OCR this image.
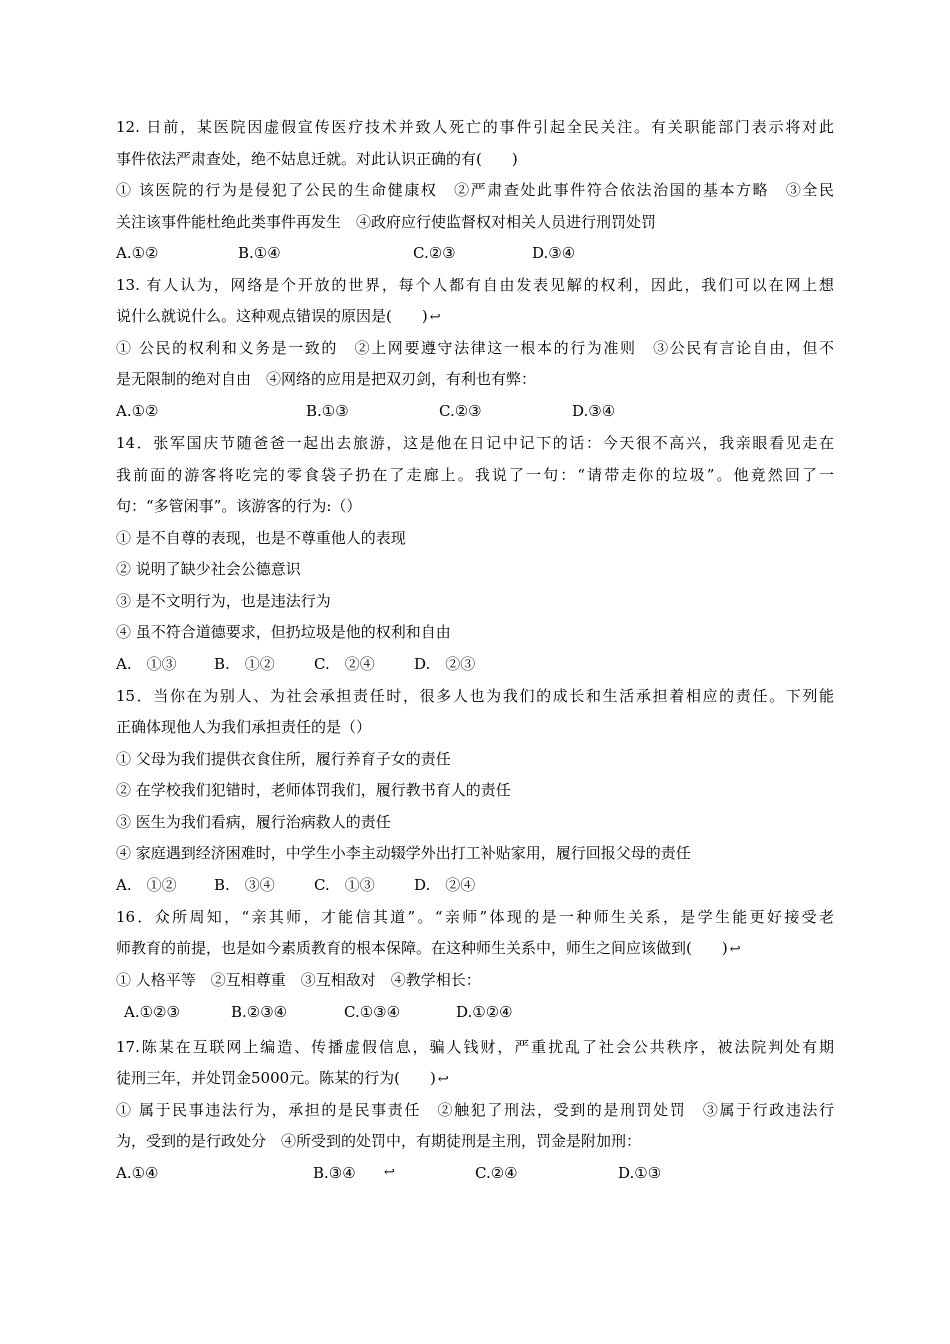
12. 日前，某医院因虚假宣传医疗技术并致人死亡的事件引起全民关注。有关职能部门表示将对此
事件依法严肃查处，绝不姑息迁就。对此认识正确的有(　　)
① 该医院的行为是侵犯了公民的生命健康权　②严肃查处此事件符合依法治国的基本方略　③全民
关注该事件能杜绝此类事件再发生　④政府应行使监督权对相关人员进行刑罚处罚
A.①②	B.①④	C.②③	D.③④
13. 有人认为，网络是个开放的世界，每个人都有自由发表见解的权利，因此，我们可以在网上想
说什么就说什么。这种观点错误的原因是(　　) ↩
① 公民的权利和义务是一致的　②上网要遵守法律这一根本的行为准则　③公民有言论自由，但不
是无限制的绝对自由　④网络的应用是把双刃剑，有利也有弊：
A.①②	B.①③	C.②③	D.③④
14．张军国庆节随爸爸一起出去旅游，这是他在日记中记下的话：今天很不高兴，我亲眼看见走在
我前面的游客将吃完的零食袋子扔在了走廊上。我说了一句：“请带走你的垃圾”。他竟然回了一
句：“多管闲事”。该游客的行为:（）
① 是不自尊的表现，也是不尊重他人的表现
② 说明了缺少社会公德意识
③ 是不文明行为，也是违法行为
④ 虽不符合道德要求，但扔垃圾是他的权利和自由
A.　①③ B.　①②	C.　②④	D.　②③
15．当你在为别人、为社会承担责任时，很多人也为我们的成长和生活承担着相应的责任。下列能
正确体现他人为我们承担责任的是（）
① 父母为我们提供衣食住所，履行养育子女的责任
② 在学校我们犯错时，老师体罚我们，履行教书育人的责任
③ 医生为我们看病，履行治病救人的责任
④ 家庭遇到经济困难时，中学生小李主动辍学外出打工补贴家用，履行回报父母的责任
A.　①② B.　③④	C.　①③	D.　②④
16．众所周知，“亲其师，才能信其道”。“亲师”体现的是一种师生关系，是学生能更好接受老
师教育的前提，也是如今素质教育的根本保障。在这种师生关系中，师生之间应该做到(　　) ↩
① 人格平等　②互相尊重　③互相敌对　④教学相长：
A.①②③	B.②③④	C.①③④	D.①②④
17.陈某在互联网上编造、传播虚假信息，骗人钱财，严重扰乱了社会公共秩序，被法院判处有期
徒刑三年，并处罚金5000元。陈某的行为(　　) ↩
① 属于民事违法行为，承担的是民事责任　②触犯了刑法，受到的是刑罚处罚　③属于行政违法行
为，受到的是行政处分　④所受到的处罚中，有期徒刑是主刑，罚金是附加刑：
A.①④	B.③④ ↩	C.②④	D.①③
